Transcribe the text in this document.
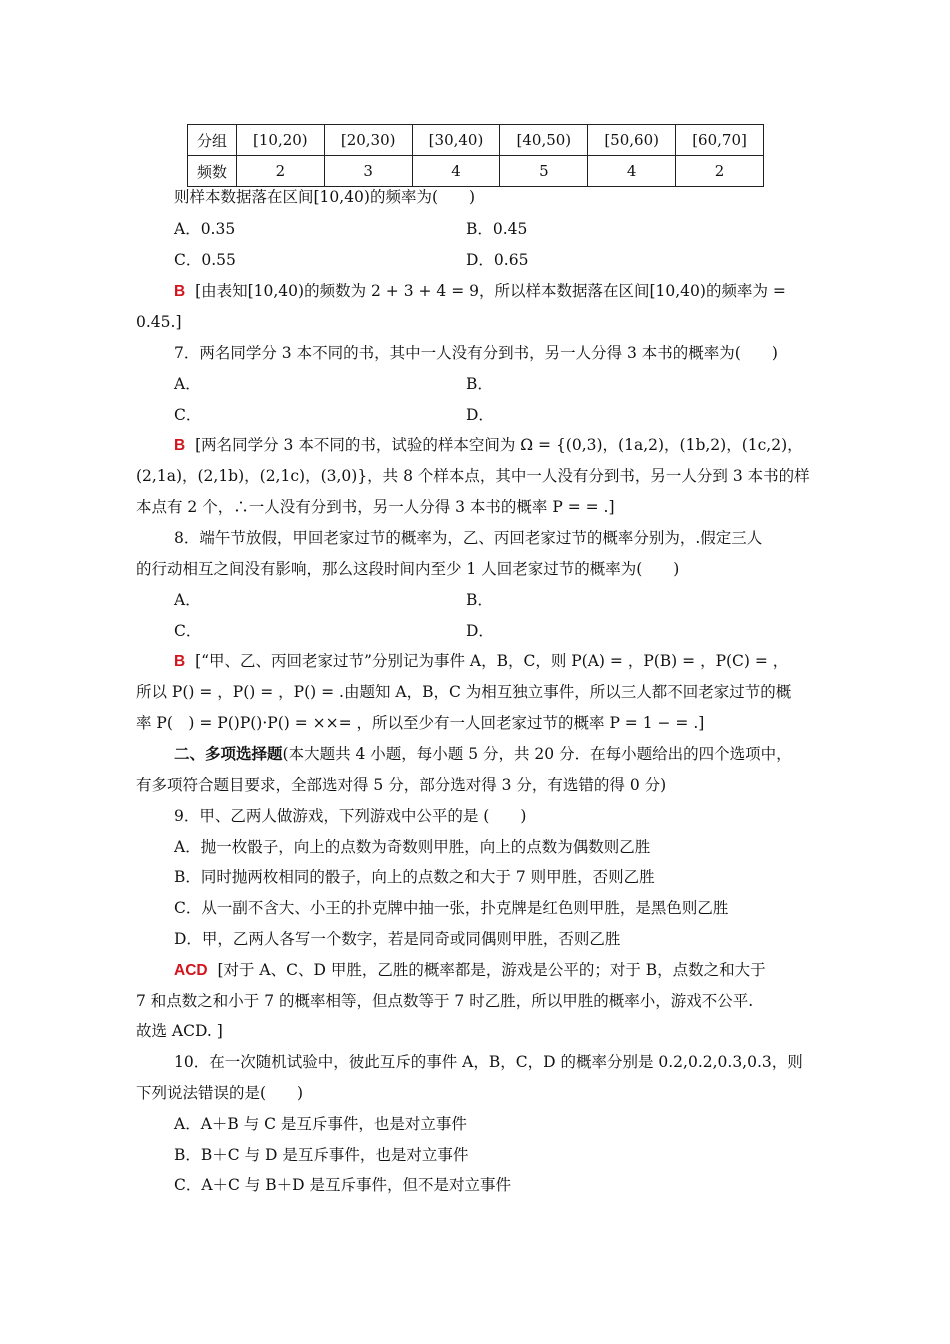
分组	[10,20)	[20,30)	[30,40)	[40,50)	[50,60)	[60,70]
频数	2	3	4	5	4	2
则样本数据落在区间[10,40)的频率为(　　)
A．0.35	B．0.45
C．0.55	D．0.65
B [由表知[10,40)的频数为 2 + 3 + 4 = 9，所以样本数据落在区间[10,40)的频率为 =
0.45.]
7．两名同学分 3 本不同的书，其中一人没有分到书，另一人分得 3 本书的概率为(　　)
A．	B．
C．	D．
B [两名同学分 3 本不同的书，试验的样本空间为 Ω = {(0,3)，(1a,2)，(1b,2)，(1c,2)，
(2,1a)，(2,1b)，(2,1c)，(3,0)}，共 8 个样本点，其中一人没有分到书，另一人分到 3 本书的样
本点有 2 个，∴一人没有分到书，另一人分得 3 本书的概率 P = = .]
8．端午节放假，甲回老家过节的概率为，乙、丙回老家过节的概率分别为，.假定三人
的行动相互之间没有影响，那么这段时间内至少 1 人回老家过节的概率为(　　)
A．	B．
C．	D．
B [“甲、乙、丙回老家过节”分别记为事件 A，B，C，则 P(A) = ，P(B) = ，P(C) = ，
所以 P() = ，P() = ，P() = .由题知 A，B，C 为相互独立事件，所以三人都不回老家过节的概
率 P(　) = P()P()·P() = ××= ，所以至少有一人回老家过节的概率 P = 1 − = .]
二、多项选择题(本大题共 4 小题，每小题 5 分，共 20 分．在每小题给出的四个选项中，
有多项符合题目要求，全部选对得 5 分，部分选对得 3 分，有选错的得 0 分)
9．甲、乙两人做游戏，下列游戏中公平的是 (　　)
A．抛一枚骰子，向上的点数为奇数则甲胜，向上的点数为偶数则乙胜
B．同时抛两枚相同的骰子，向上的点数之和大于 7 则甲胜，否则乙胜
C．从一副不含大、小王的扑克牌中抽一张，扑克牌是红色则甲胜，是黑色则乙胜
D．甲，乙两人各写一个数字，若是同奇或同偶则甲胜，否则乙胜
ACD [对于 A、C、D 甲胜，乙胜的概率都是，游戏是公平的；对于 B，点数之和大于
7 和点数之和小于 7 的概率相等，但点数等于 7 时乙胜，所以甲胜的概率小，游戏不公平.
故选 ACD. ]
10．在一次随机试验中，彼此互斥的事件 A，B，C，D 的概率分别是 0.2,0.2,0.3,0.3，则
下列说法错误的是(　　)
A．A＋B 与 C 是互斥事件，也是对立事件
B．B＋C 与 D 是互斥事件，也是对立事件
C．A＋C 与 B＋D 是互斥事件，但不是对立事件
